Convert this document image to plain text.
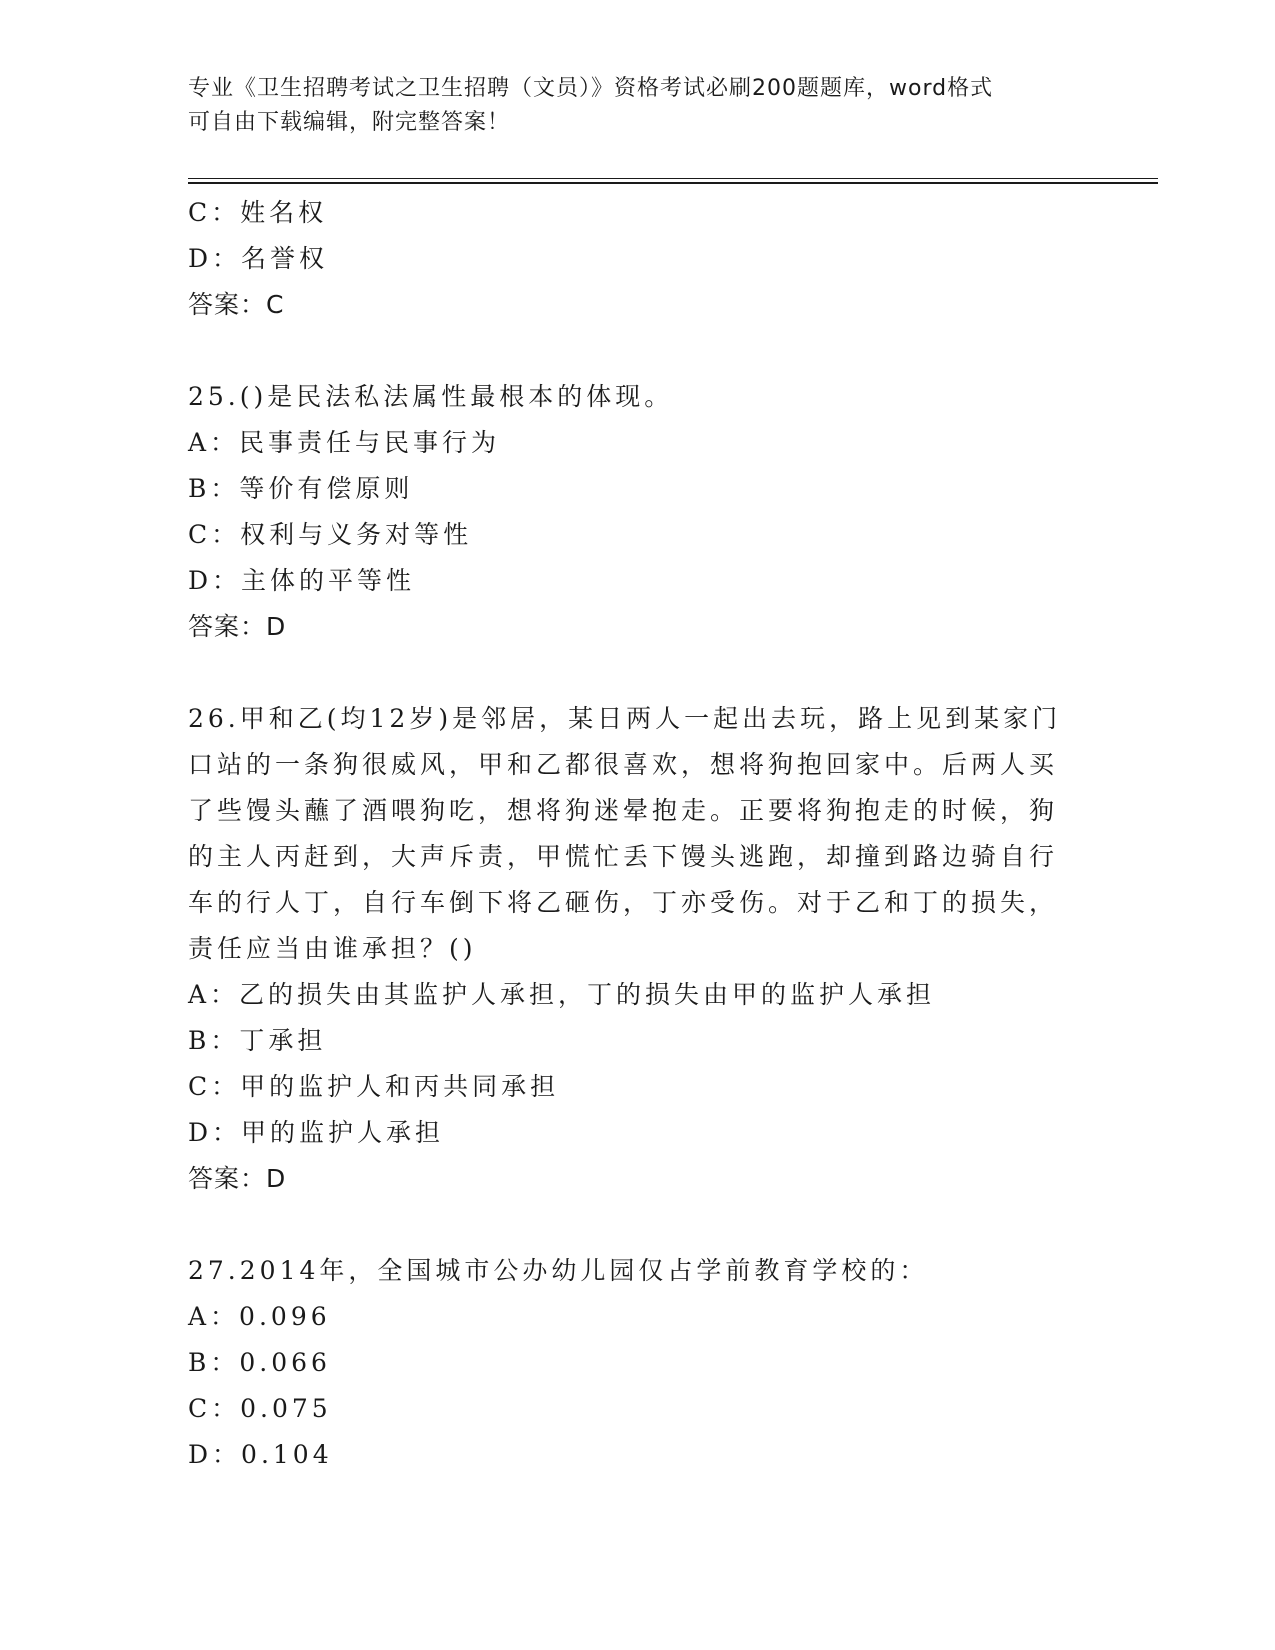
专业《卫生招聘考试之卫生招聘（文员）》资格考试必刷200题题库，word格式
可自由下载编辑，附完整答案！
C：姓名权
D：名誉权
答案：C
25.()是民法私法属性最根本的体现。
A：民事责任与民事行为
B：等价有偿原则
C：权利与义务对等性
D：主体的平等性
答案：D
26.甲和乙(均12岁)是邻居，某日两人一起出去玩，路上见到某家门
口站的一条狗很威风，甲和乙都很喜欢，想将狗抱回家中。后两人买
了些馒头蘸了酒喂狗吃，想将狗迷晕抱走。正要将狗抱走的时候，狗
的主人丙赶到，大声斥责，甲慌忙丢下馒头逃跑，却撞到路边骑自行
车的行人丁，自行车倒下将乙砸伤，丁亦受伤。对于乙和丁的损失，
责任应当由谁承担？()
A：乙的损失由其监护人承担，丁的损失由甲的监护人承担
B：丁承担
C：甲的监护人和丙共同承担
D：甲的监护人承担
答案：D
27.2014年，全国城市公办幼儿园仅占学前教育学校的：
A：0.096
B：0.066
C：0.075
D：0.104
